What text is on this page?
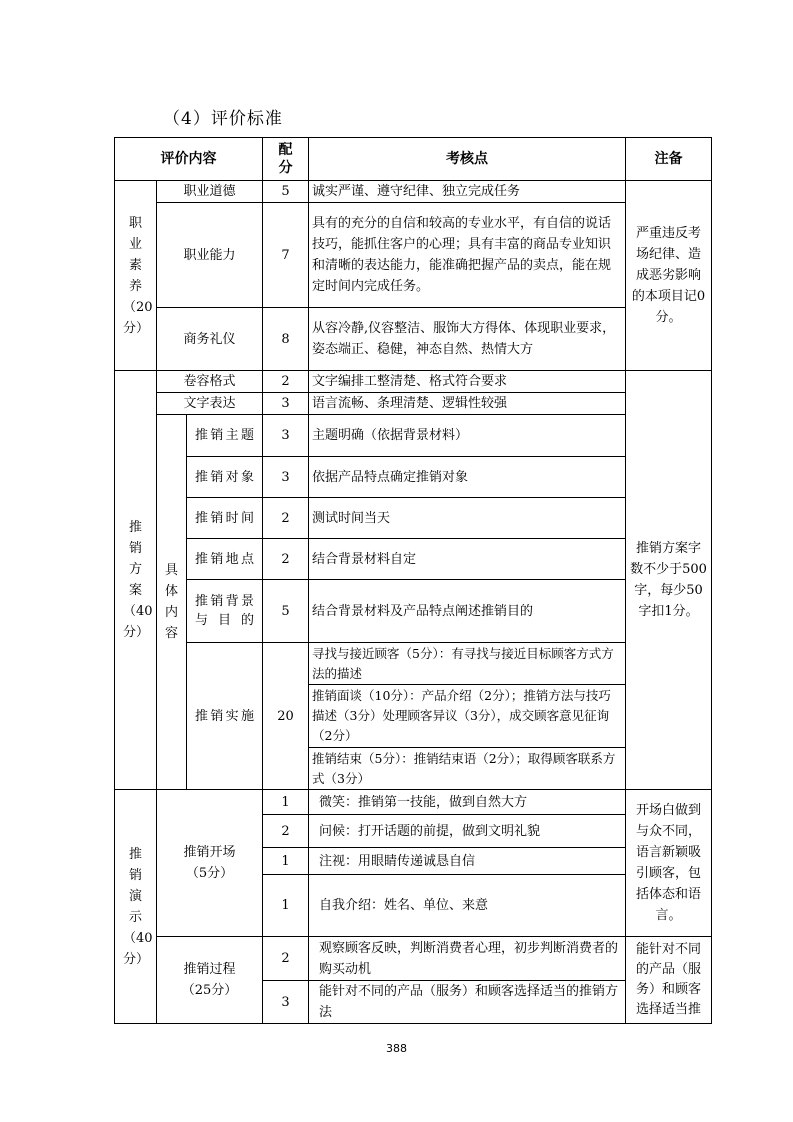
（4）评价标准
评价内容			配分	考核点	注备
职业素养（20分）	职业道德		5	诚实严谨、遵守纪律、独立完成任务	严重违反考场纪律、造成恶劣影响的本项目记0分。
	职业能力		7	具有的充分的自信和较高的专业水平，有自信的说话技巧，能抓住客户的心理；具有丰富的商品专业知识和清晰的表达能力，能准确把握产品的卖点，能在规定时间内完成任务。	
	商务礼仪		8	从容冷静,仪容整洁、服饰大方得体、体现职业要求，姿态端正、稳健，神态自然、热情大方	
推销方案（40分）	卷容格式		2	文字编排工整清楚、格式符合要求	推销方案字数不少于500字，每少50字扣1分。
	文字表达		3	语言流畅、条理清楚、逻辑性较强	
	具体内容	推销主题	3	主题明确（依据背景材料）	
		推销对象	3	依据产品特点确定推销对象	
		推销时间	2	测试时间当天	
		推销地点	2	结合背景材料自定	
		推销背景与目的	5	结合背景材料及产品特点阐述推销目的	
		推销实施	20	寻找与接近顾客（5分）：有寻找与接近目标顾客方式方法的描述	
				推销面谈（10分）：产品介绍（2分）；推销方法与技巧描述（3分）处理顾客异议（3分），成交顾客意见征询（2分）	
				推销结束（5分）：推销结束语（2分）；取得顾客联系方式（3分）	
推销演示（40分）	推销开场（5分）		1	微笑：推销第一技能，做到自然大方	开场白做到与众不同，语言新颖吸引顾客，包括体态和语言。
			2	问候：打开话题的前提，做到文明礼貌	
			1	注视：用眼睛传递诚恳自信	
			1	自我介绍：姓名、单位、来意	
	推销过程（25分）		2	观察顾客反映，判断消费者心理，初步判断消费者的购买动机	能针对不同的产品（服务）和顾客选择适当推
			3	能针对不同的产品（服务）和顾客选择适当的推销方法	
388
